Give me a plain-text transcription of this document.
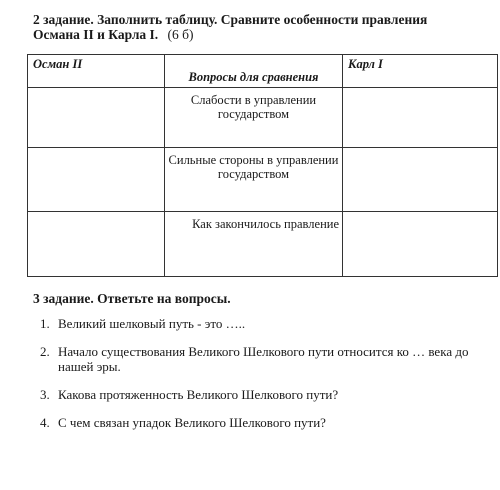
2 задание. Заполнить таблицу. Сравните особенности правления
Османа II и Карла I. (6 б)
Осман II	Вопросы для сравнения	Карл I
	Слабости в управлении государством	
	Сильные стороны в управлении государством	
	Как закончилось правление	
3 задание. Ответьте на вопросы.
1. Великий шелковый путь - это …..
2. Начало существования Великого Шелкового пути относится ко … века до нашей эры.
3. Какова протяженность Великого Шелкового пути?
4. С чем связан упадок Великого Шелкового пути?
